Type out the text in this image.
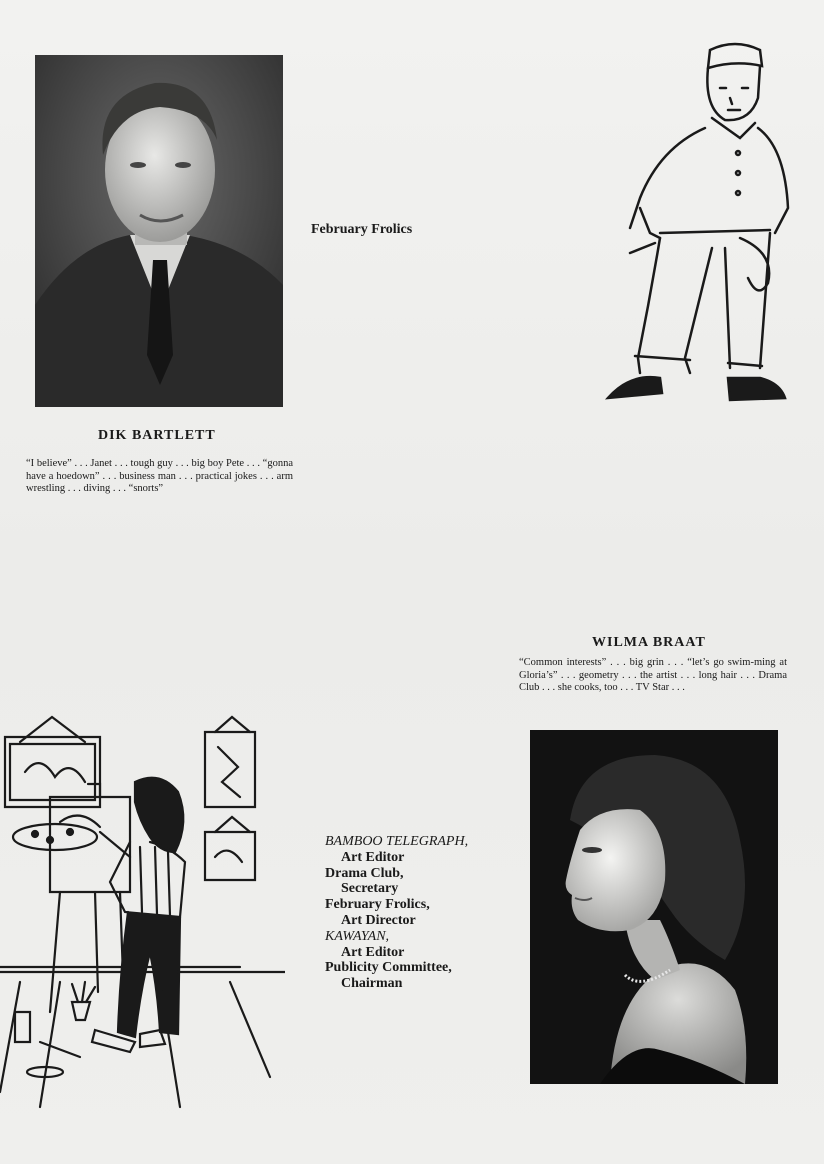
February Frolics
DIK BARTLETT
“I believe” . . . Janet . . . tough guy . . . big boy Pete . . . “gonna have a hoedown” . . . business man . . . practical jokes . . . arm wrestling . . . diving . . . “snorts”
WILMA BRAAT
“Common interests” . . . big grin . . . “let’s go swim-ming at Gloria’s” . . . geometry . . . the artist . . . long hair . . . Drama Club . . . she cooks, too . . . TV Star . . .
BAMBOO TELEGRAPH,
Art Editor
Drama Club,
Secretary
February Frolics,
Art Director
KAWAYAN,
Art Editor
Publicity Committee,
Chairman
